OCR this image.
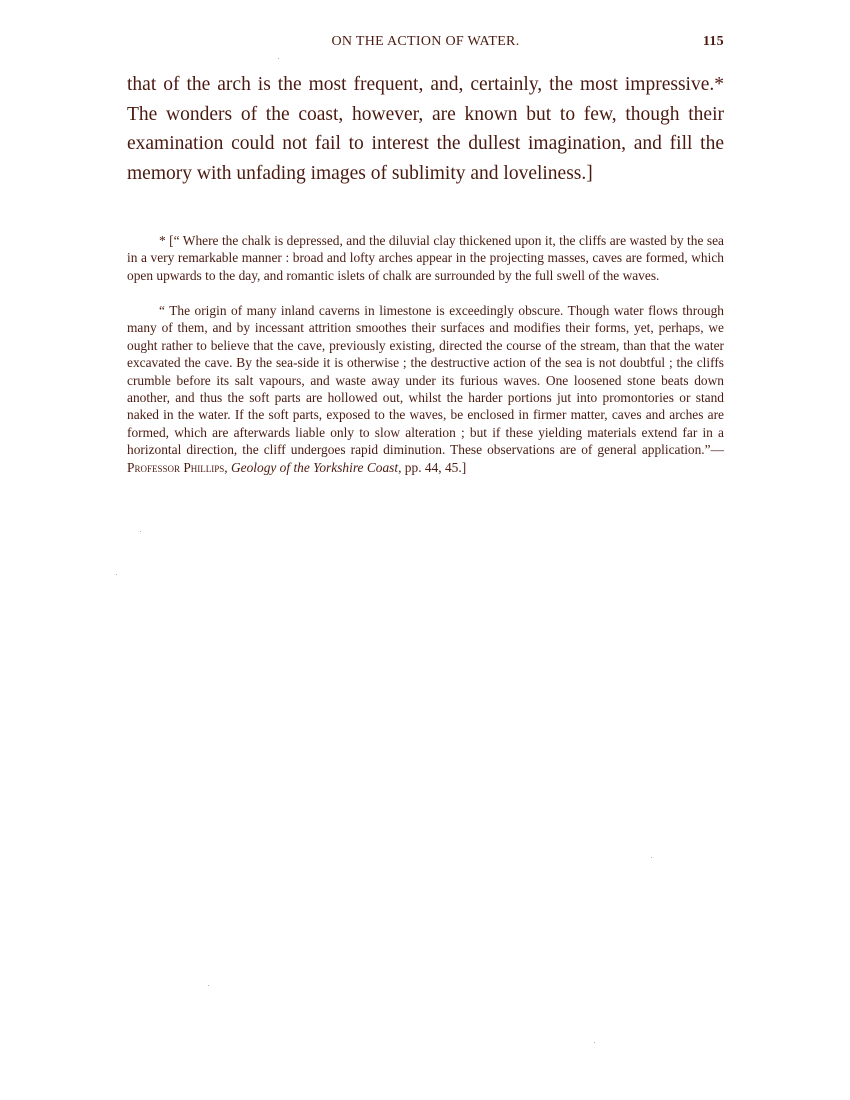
ON THE ACTION OF WATER.	115

that of the arch is the most frequent, and, certainly, the most impressive.* The wonders of the coast, however, are known but to few, though their examination could not fail to interest the dullest imagination, and fill the memory with unfading images of sublimity and loveliness.]

* [“ Where the chalk is depressed, and the diluvial clay thickened upon it, the cliffs are wasted by the sea in a very remarkable manner : broad and lofty arches appear in the projecting masses, caves are formed, which open upwards to the day, and romantic islets of chalk are surrounded by the full swell of the waves.

“ The origin of many inland caverns in limestone is exceedingly obscure. Though water flows through many of them, and by incessant attrition smoothes their surfaces and modifies their forms, yet, perhaps, we ought rather to believe that the cave, previously existing, directed the course of the stream, than that the water excavated the cave. By the sea-side it is otherwise ; the destructive action of the sea is not doubtful ; the cliffs crumble before its salt vapours, and waste away under its furious waves. One loosened stone beats down another, and thus the soft parts are hollowed out, whilst the harder portions jut into promontories or stand naked in the water. If the soft parts, exposed to the waves, be enclosed in firmer matter, caves and arches are formed, which are afterwards liable only to slow alteration ; but if these yielding materials extend far in a horizontal direction, the cliff undergoes rapid diminution. These observations are of general application.”—Professor Phillips, Geology of the Yorkshire Coast, pp. 44, 45.]
